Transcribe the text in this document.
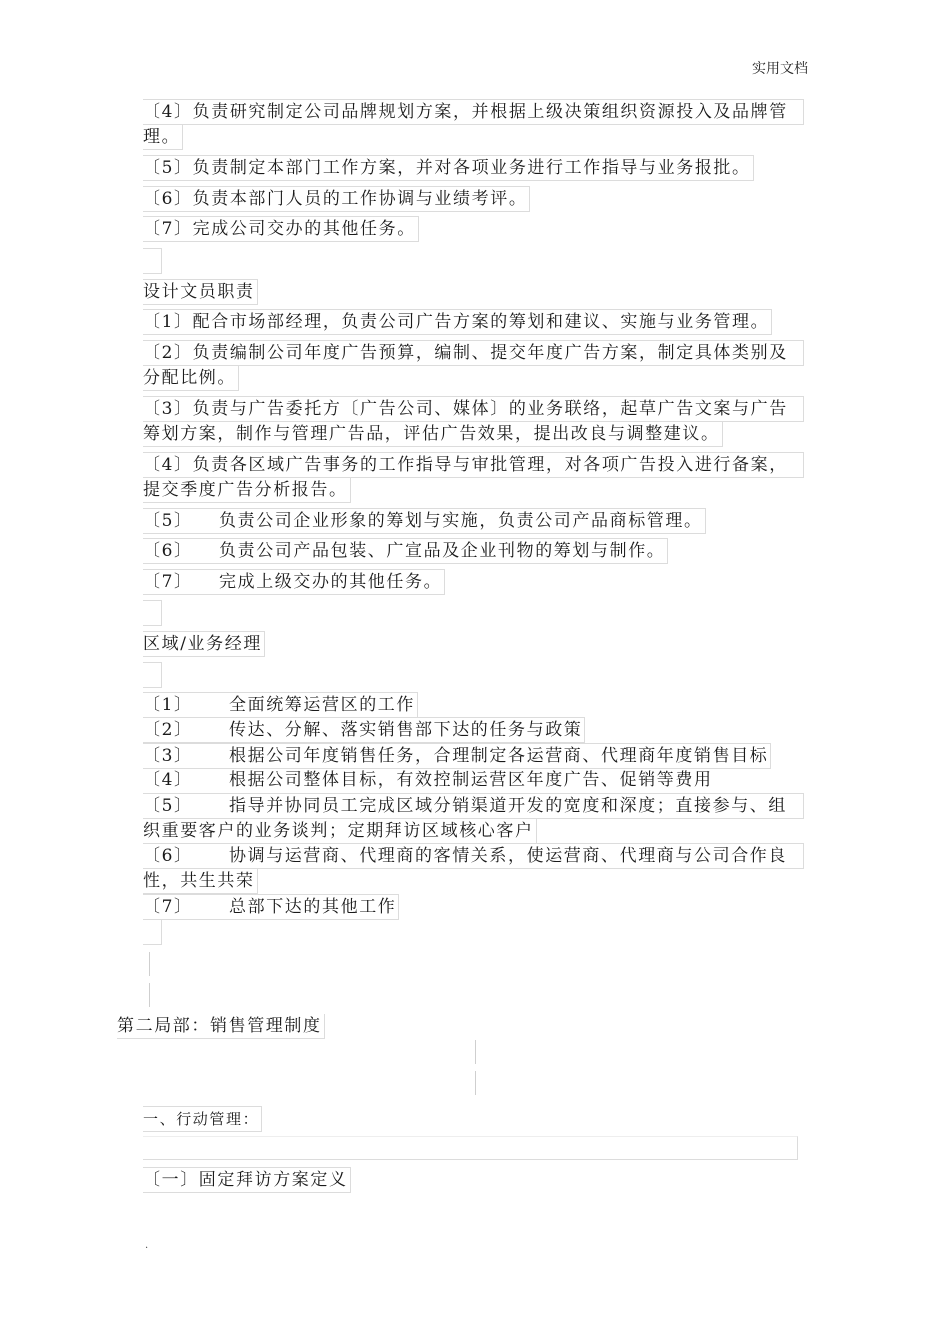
实用文档
〔4〕负责研究制定公司品牌规划方案，并根据上级决策组织资源投入及品牌管
理。
〔5〕负责制定本部门工作方案，并对各项业务进行工作指导与业务报批。
〔6〕负责本部门人员的工作协调与业绩考评。
〔7〕完成公司交办的其他任务。
设计文员职责
〔1〕配合市场部经理，负责公司广告方案的筹划和建议、实施与业务管理。
〔2〕负责编制公司年度广告预算，编制、提交年度广告方案，制定具体类别及
分配比例。
〔3〕负责与广告委托方〔广告公司、媒体〕的业务联络，起草广告文案与广告
筹划方案，制作与管理广告品，评估广告效果，提出改良与调整建议。
〔4〕负责各区域广告事务的工作指导与审批管理，对各项广告投入进行备案，
提交季度广告分析报告。
〔5〕 负责公司企业形象的筹划与实施，负责公司产品商标管理。
〔6〕 负责公司产品包装、广宣品及企业刊物的筹划与制作。
〔7〕 完成上级交办的其他任务。
区域/业务经理
〔1〕 全面统筹运营区的工作
〔2〕 传达、分解、落实销售部下达的任务与政策
〔3〕 根据公司年度销售任务，合理制定各运营商、代理商年度销售目标
〔4〕 根据公司整体目标，有效控制运营区年度广告、促销等费用
〔5〕 指导并协同员工完成区域分销渠道开发的宽度和深度；直接参与、组
织重要客户的业务谈判；定期拜访区域核心客户
〔6〕 协调与运营商、代理商的客情关系，使运营商、代理商与公司合作良
性，共生共荣
〔7〕 总部下达的其他工作
第二局部：销售管理制度
一、行动管理：
〔一〕固定拜访方案定义
.
